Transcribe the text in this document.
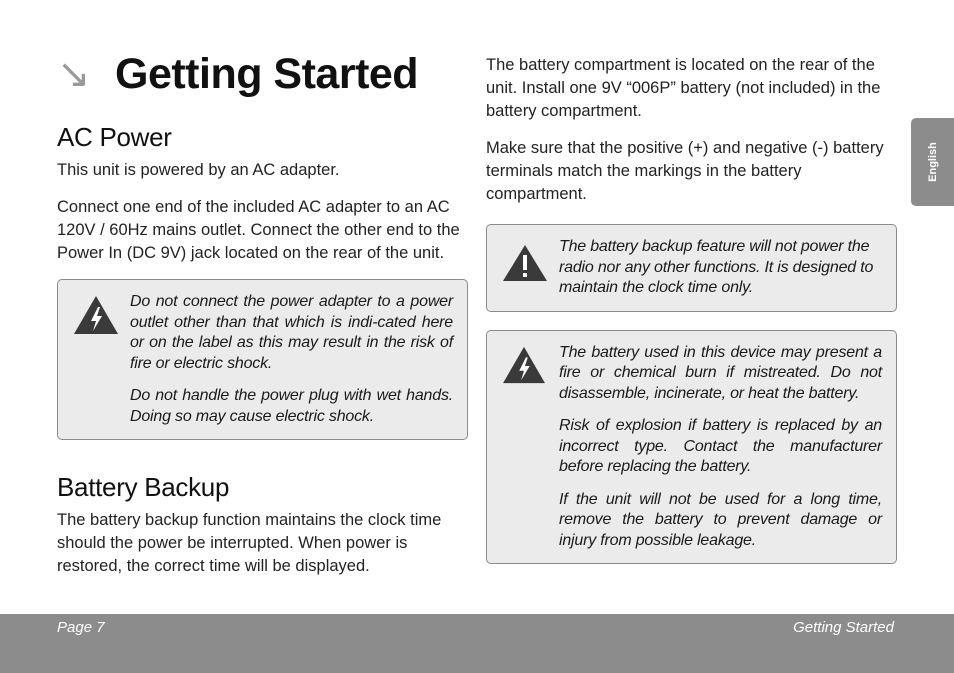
↘ Getting Started
AC Power

This unit is powered by an AC adapter.

Connect one end of the included AC adapter to an AC 120V / 60Hz mains outlet. Connect the other end to the Power In (DC 9V) jack located on the rear of the unit.

Do not connect the power adapter to a power outlet other than that which is indi-cated here or on the label as this may result in the risk of fire or electric shock.

Do not handle the power plug with wet hands. Doing so may cause electric shock.

Battery Backup

The battery backup function maintains the clock time should the power be interrupted. When power is restored, the correct time will be displayed.

The battery compartment is located on the rear of the unit. Install one 9V “006P” battery (not included) in the battery compartment.

Make sure that the positive (+) and negative (-) battery terminals match the markings in the battery compartment.

The battery backup feature will not power the radio nor any other functions. It is designed to maintain the clock time only.

The battery used in this device may present a fire or chemical burn if mistreated. Do not disassemble, incinerate, or heat the battery.

Risk of explosion if battery is replaced by an incorrect type. Contact the manufacturer before replacing the battery.

If the unit will not be used for a long time, remove the battery to prevent damage or injury from possible leakage.

English
Page 7	Getting Started
